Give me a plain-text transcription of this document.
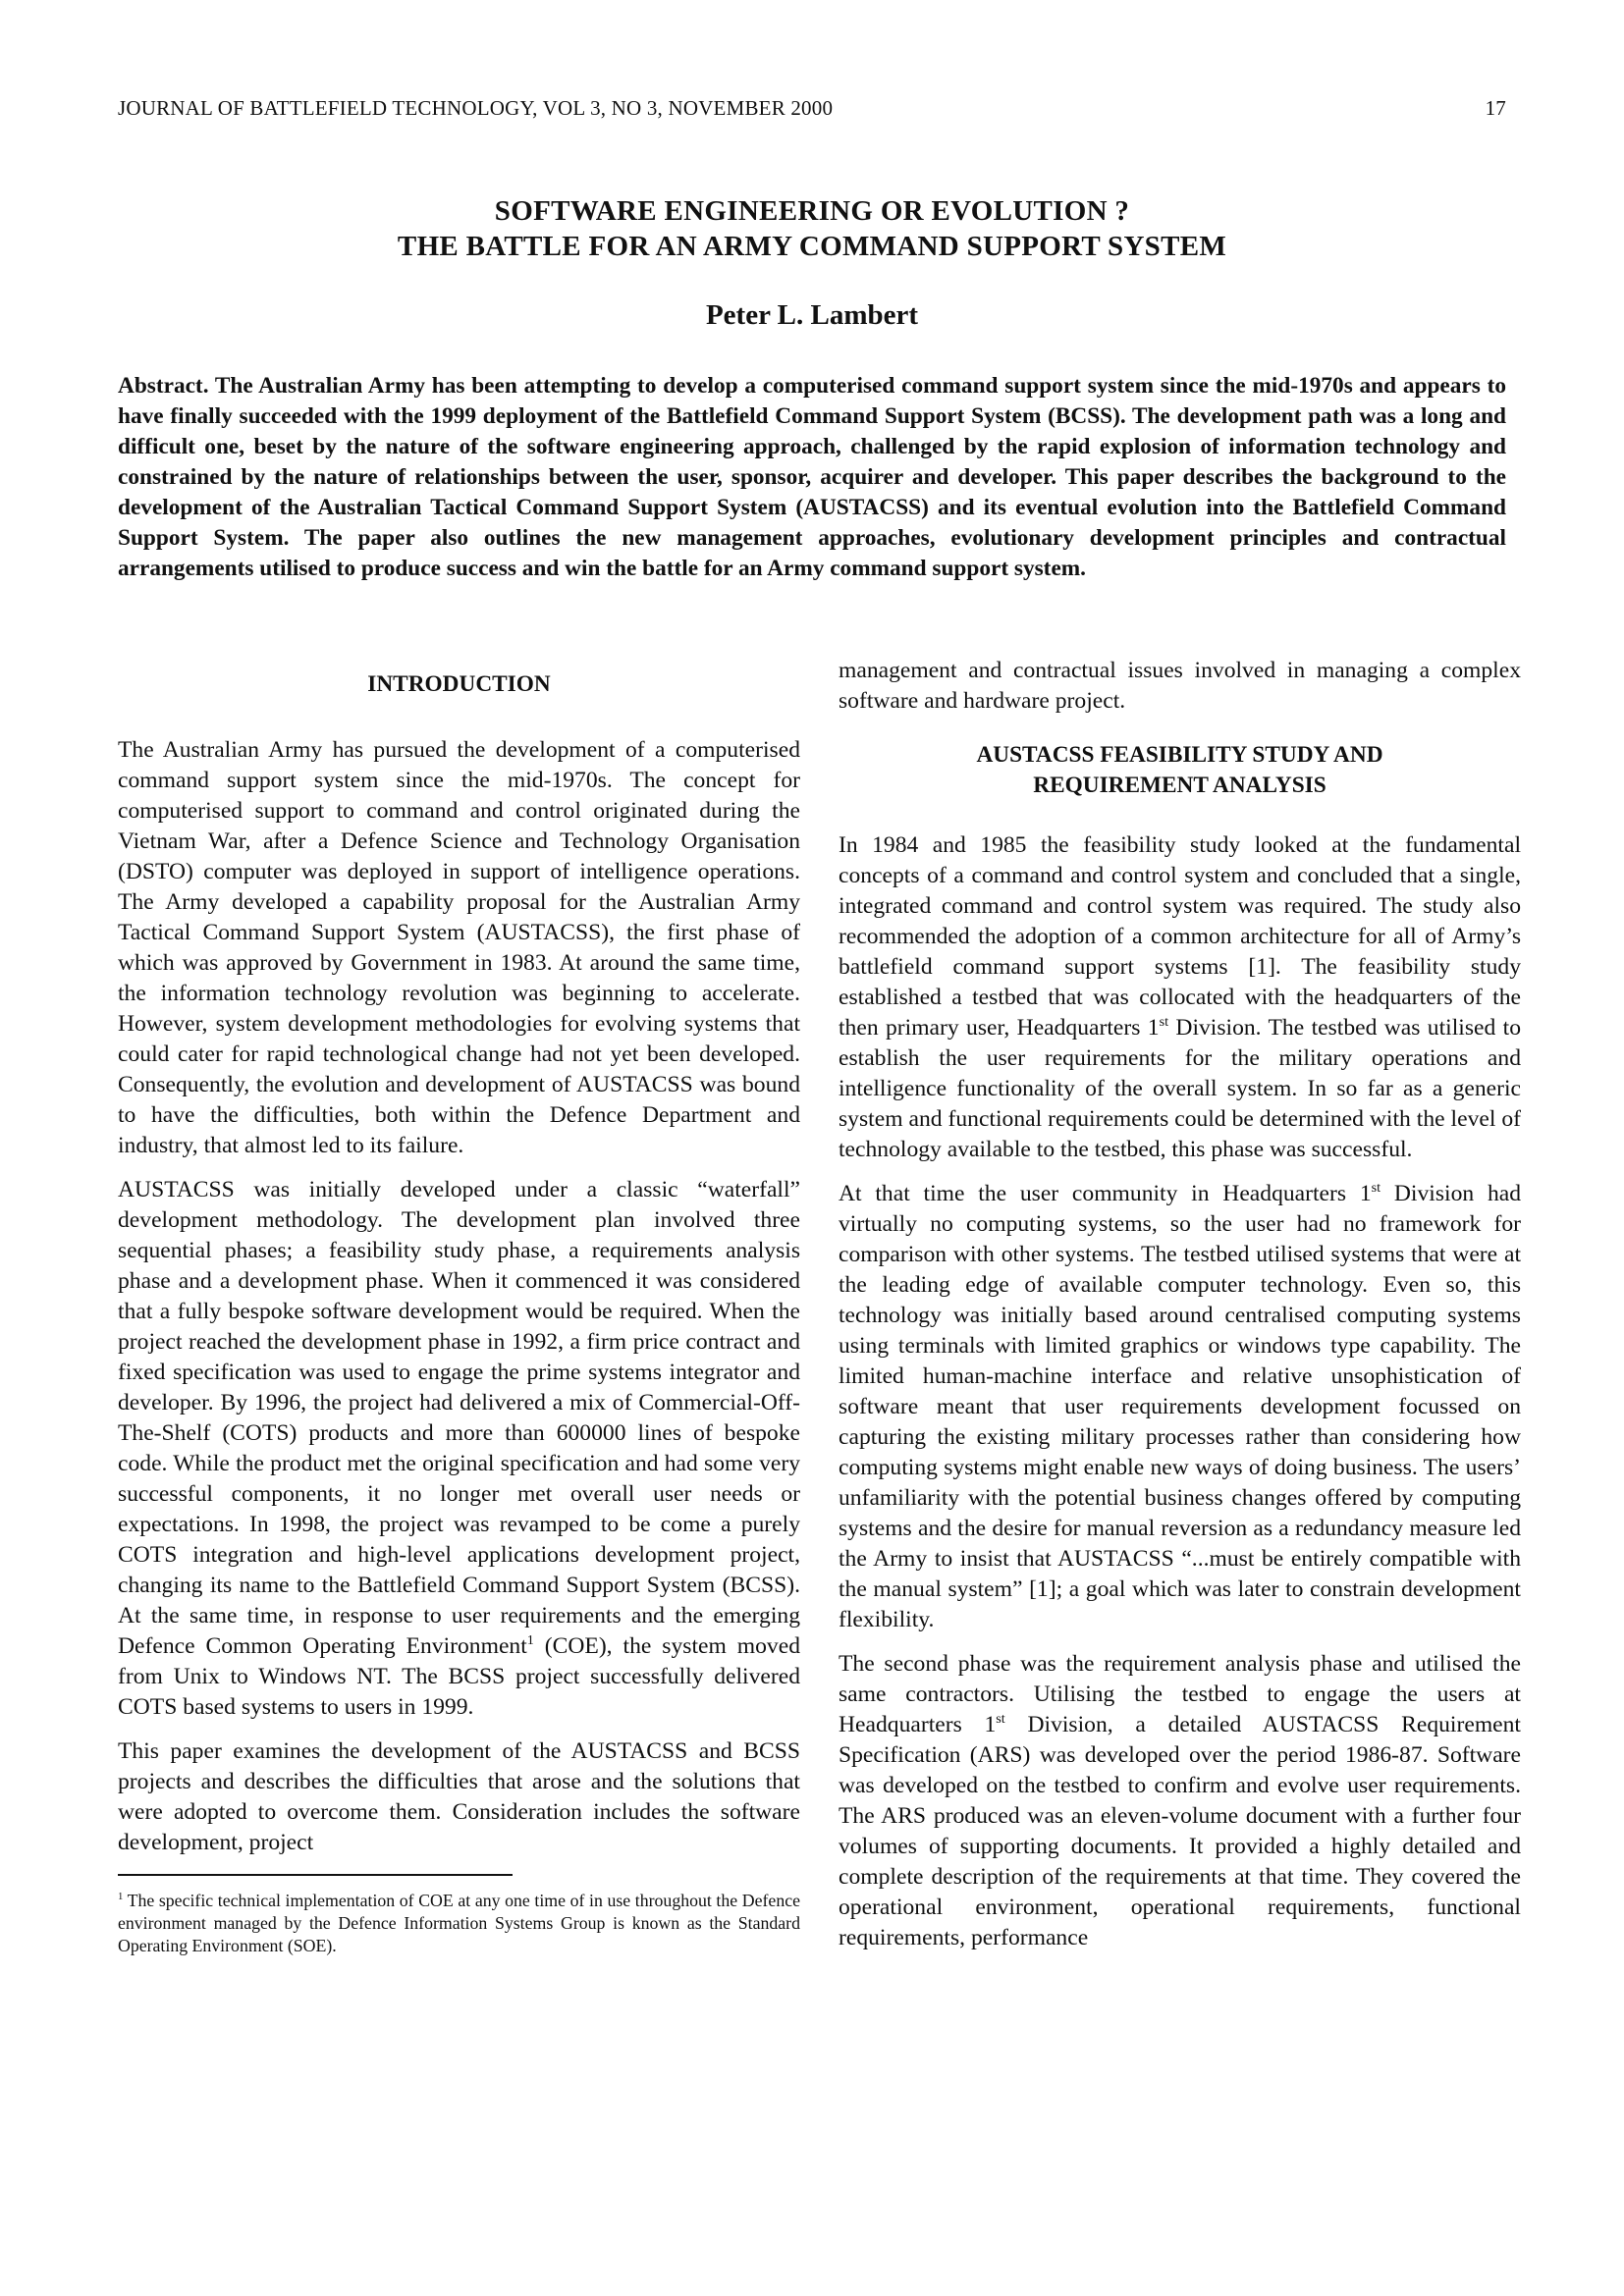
JOURNAL OF BATTLEFIELD TECHNOLOGY, VOL 3, NO 3, NOVEMBER 2000	17
SOFTWARE ENGINEERING OR EVOLUTION ?
THE BATTLE FOR AN ARMY COMMAND SUPPORT SYSTEM
Peter L. Lambert
Abstract. The Australian Army has been attempting to develop a computerised command support system since the mid-1970s and appears to have finally succeeded with the 1999 deployment of the Battlefield Command Support System (BCSS). The development path was a long and difficult one, beset by the nature of the software engineering approach, challenged by the rapid explosion of information technology and constrained by the nature of relationships between the user, sponsor, acquirer and developer. This paper describes the background to the development of the Australian Tactical Command Support System (AUSTACSS) and its eventual evolution into the Battlefield Command Support System. The paper also outlines the new management approaches, evolutionary development principles and contractual arrangements utilised to produce success and win the battle for an Army command support system.

INTRODUCTION

The Australian Army has pursued the development of a computerised command support system since the mid-1970s. The concept for computerised support to command and control originated during the Vietnam War, after a Defence Science and Technology Organisation (DSTO) computer was deployed in support of intelligence operations. The Army developed a capability proposal for the Australian Army Tactical Command Support System (AUSTACSS), the first phase of which was approved by Government in 1983. At around the same time, the information technology revolution was beginning to accelerate. However, system development methodologies for evolving systems that could cater for rapid technological change had not yet been developed. Consequently, the evolution and development of AUSTACSS was bound to have the difficulties, both within the Defence Department and industry, that almost led to its failure.

AUSTACSS was initially developed under a classic “waterfall” development methodology. The development plan involved three sequential phases; a feasibility study phase, a requirements analysis phase and a development phase. When it commenced it was considered that a fully bespoke software development would be required. When the project reached the development phase in 1992, a firm price contract and fixed specification was used to engage the prime systems integrator and developer. By 1996, the project had delivered a mix of Commercial-Off-The-Shelf (COTS) products and more than 600000 lines of bespoke code. While the product met the original specification and had some very successful components, it no longer met overall user needs or expectations. In 1998, the project was revamped to be come a purely COTS integration and high-level applications development project, changing its name to the Battlefield Command Support System (BCSS). At the same time, in response to user requirements and the emerging Defence Common Operating Environment$^1$ (COE), the system moved from Unix to Windows NT. The BCSS project successfully delivered COTS based systems to users in 1999.

This paper examines the development of the AUSTACSS and BCSS projects and describes the difficulties that arose and the solutions that were adopted to overcome them. Consideration includes the software development, project

$^1$ The specific technical implementation of COE at any one time of in use throughout the Defence environment managed by the Defence Information Systems Group is known as the Standard Operating Environment (SOE).

management and contractual issues involved in managing a complex software and hardware project.

AUSTACSS FEASIBILITY STUDY AND

REQUIREMENT ANALYSIS

In 1984 and 1985 the feasibility study looked at the fundamental concepts of a command and control system and concluded that a single, integrated command and control system was required. The study also recommended the adoption of a common architecture for all of Army’s battlefield command support systems [1]. The feasibility study established a testbed that was collocated with the headquarters of the then primary user, Headquarters 1st Division. The testbed was utilised to establish the user requirements for the military operations and intelligence functionality of the overall system. In so far as a generic system and functional requirements could be determined with the level of technology available to the testbed, this phase was successful.

At that time the user community in Headquarters 1st Division had virtually no computing systems, so the user had no framework for comparison with other systems. The testbed utilised systems that were at the leading edge of available computer technology. Even so, this technology was initially based around centralised computing systems using terminals with limited graphics or windows type capability. The limited human-machine interface and relative unsophistication of software meant that user requirements development focussed on capturing the existing military processes rather than considering how computing systems might enable new ways of doing business. The users’ unfamiliarity with the potential business changes offered by computing systems and the desire for manual reversion as a redundancy measure led the Army to insist that AUSTACSS “...must be entirely compatible with the manual system” [1]; a goal which was later to constrain development flexibility.

The second phase was the requirement analysis phase and utilised the same contractors. Utilising the testbed to engage the users at Headquarters 1st Division, a detailed AUSTACSS Requirement Specification (ARS) was developed over the period 1986-87. Software was developed on the testbed to confirm and evolve user requirements. The ARS produced was an eleven-volume document with a further four volumes of supporting documents. It provided a highly detailed and complete description of the requirements at that time. They covered the operational environment, operational requirements, functional requirements, performance
